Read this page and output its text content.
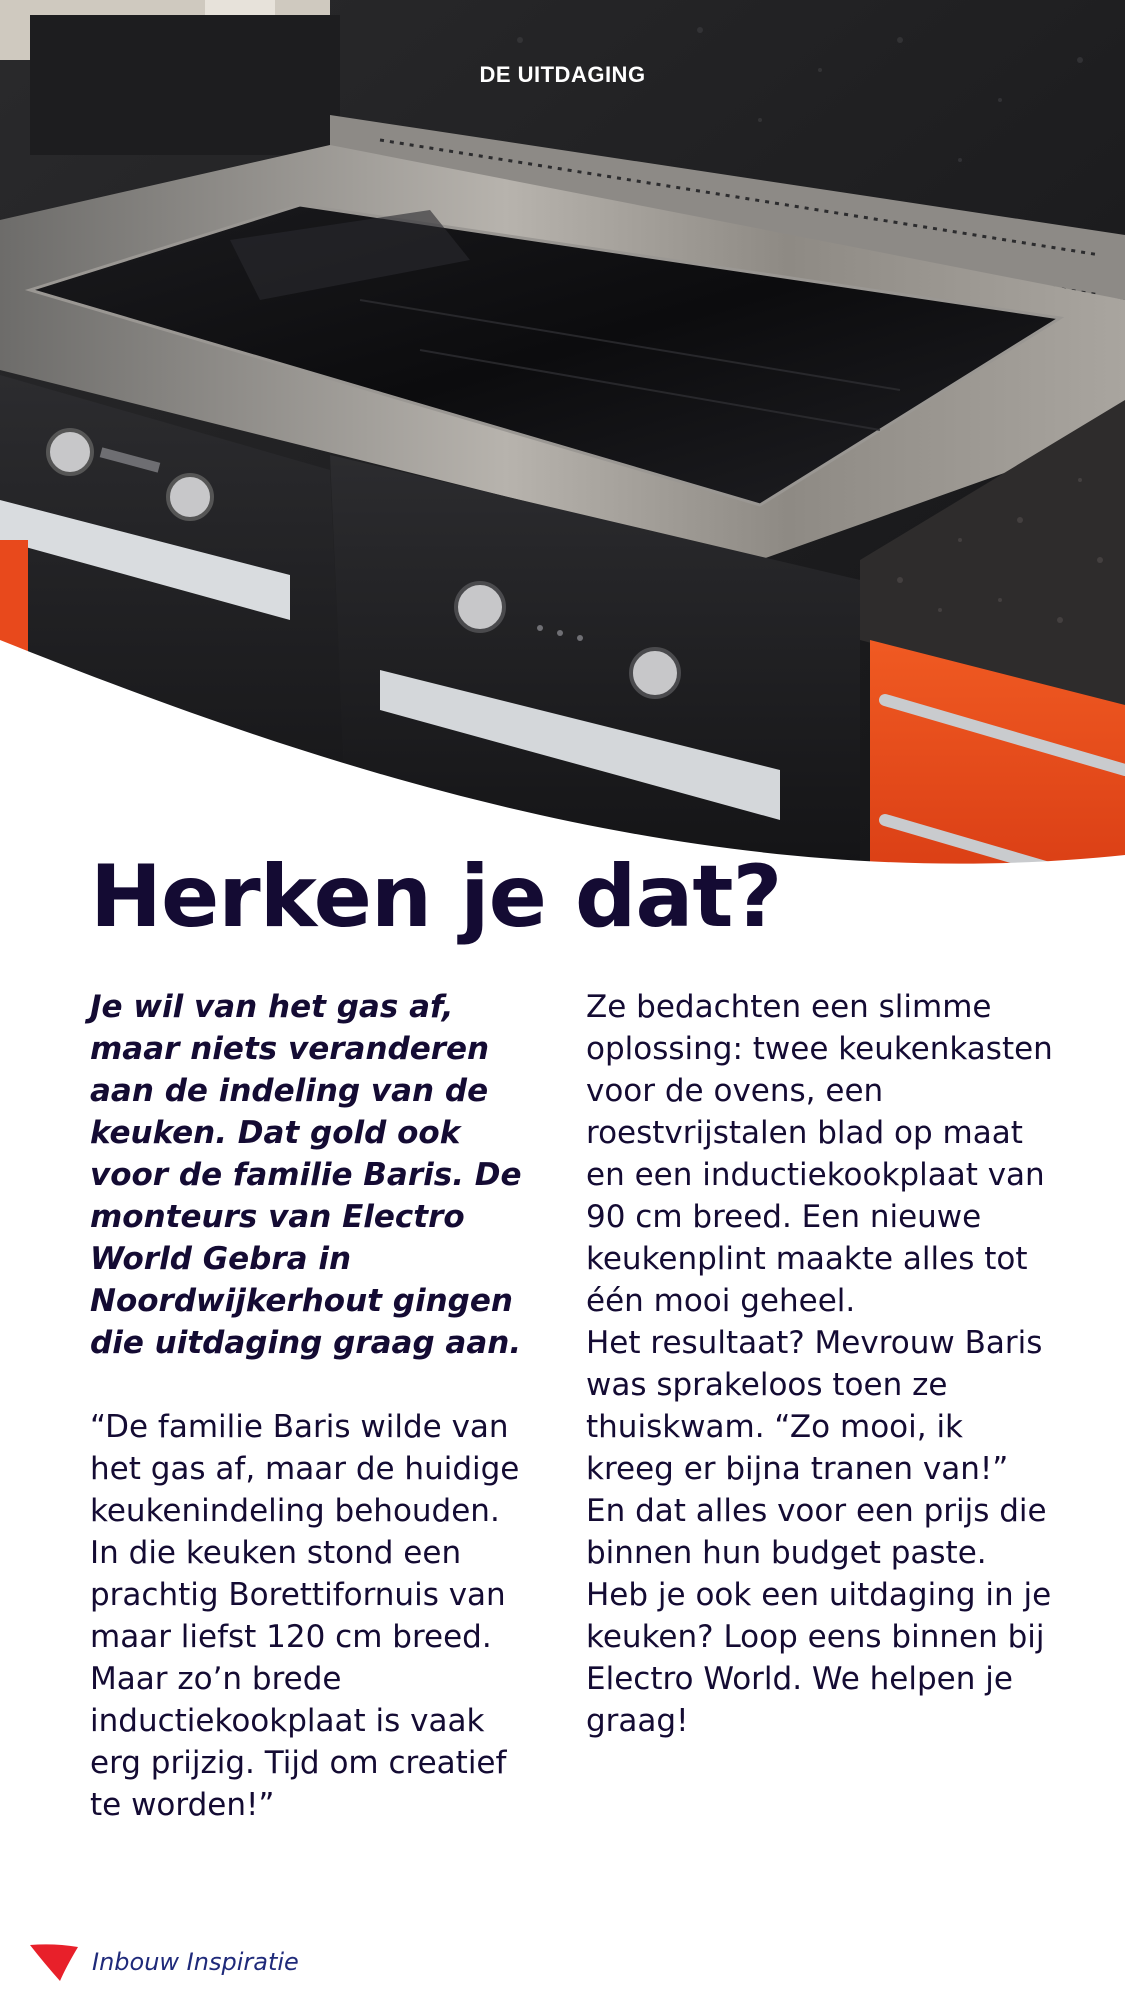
DE UITDAGING
Herken je dat?

Je wil van het gas af, maar niets veranderen aan de indeling van de keuken. Dat gold ook voor de familie Baris. De monteurs van Electro World Gebra in Noordwijkerhout gingen die uitdaging graag aan.

“De familie Baris wilde van het gas af, maar de huidige keukenindeling behouden. In die keuken stond een prachtig Borettifornuis van maar liefst 120 cm breed. Maar zo’n brede inductiekookplaat is vaak erg prijzig. Tijd om creatief te worden!”

Ze bedachten een slimme oplossing: twee keukenkasten voor de ovens, een roestvrijstalen blad op maat en een inductiekookplaat van 90 cm breed. Een nieuwe keukenplint maakte alles tot één mooi geheel.

Het resultaat? Mevrouw Baris was sprakeloos toen ze thuiskwam. “Zo mooi, ik kreeg er bijna tranen van!” En dat alles voor een prijs die binnen hun budget paste. Heb je ook een uitdaging in je keuken? Loop eens binnen bij Electro World. We helpen je graag!

Inbouw Inspiratie
